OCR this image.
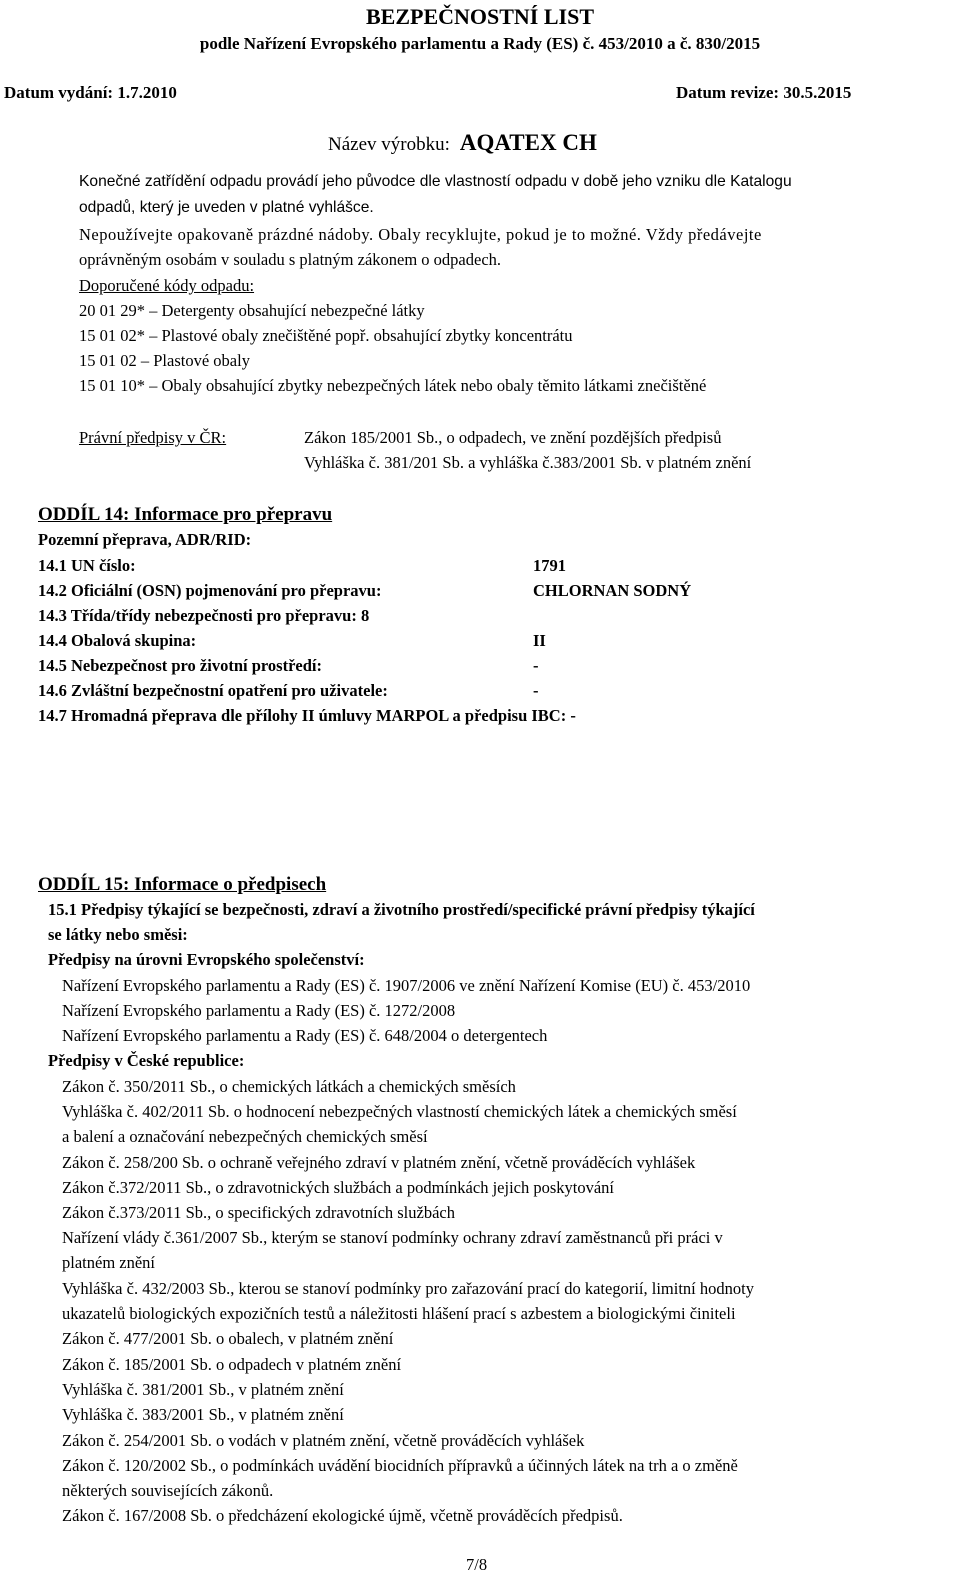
BEZPEČNOSTNÍ LIST
podle Nařízení Evropského parlamentu a Rady (ES) č. 453/2010 a č. 830/2015
Datum vydání: 1.7.2010	Datum revize: 30.5.2015
Název výrobku: AQATEX CH
Konečné zatřídění odpadu provádí jeho původce dle vlastností odpadu v době jeho vzniku dle Katalogu
odpadů, který je uveden v platné vyhlášce.
Nepoužívejte opakovaně prázdné nádoby. Obaly recyklujte, pokud je to možné. Vždy předávejte
oprávněným osobám v souladu s platným zákonem o odpadech.
Doporučené kódy odpadu:
20 01 29* – Detergenty obsahující nebezpečné látky
15 01 02* – Plastové obaly znečištěné popř. obsahující zbytky koncentrátu
15 01 02 – Plastové obaly
15 01 10* – Obaly obsahující zbytky nebezpečných látek nebo obaly těmito látkami znečištěné
Právní předpisy v ČR:	Zákon 185/2001 Sb., o odpadech, ve znění pozdějších předpisů
Vyhláška č. 381/201 Sb. a vyhláška č.383/2001 Sb. v platném znění
ODDÍL 14: Informace pro přepravu
Pozemní přeprava, ADR/RID:
14.1 UN číslo:	1791
14.2 Oficiální (OSN) pojmenování pro přepravu:	CHLORNAN SODNÝ
14.3 Třída/třídy nebezpečnosti pro přepravu: 8
14.4 Obalová skupina:	II
14.5 Nebezpečnost pro životní prostředí:	-
14.6 Zvláštní bezpečnostní opatření pro uživatele:	-
14.7 Hromadná přeprava dle přílohy II úmluvy MARPOL a předpisu IBC: -
ODDÍL 15: Informace o předpisech
15.1 Předpisy týkající se bezpečnosti, zdraví a životního prostředí/specifické právní předpisy týkající
se látky nebo směsi:
Předpisy na úrovni Evropského společenství:
Nařízení Evropského parlamentu a Rady (ES) č. 1907/2006 ve znění Nařízení Komise (EU) č. 453/2010
Nařízení Evropského parlamentu a Rady (ES) č. 1272/2008
Nařízení Evropského parlamentu a Rady (ES) č. 648/2004 o detergentech
Předpisy v České republice:
Zákon č. 350/2011 Sb., o chemických látkách a chemických směsích
Vyhláška č. 402/2011 Sb. o hodnocení nebezpečných vlastností chemických látek a chemických směsí
a balení a označování nebezpečných chemických směsí
Zákon č. 258/200 Sb. o ochraně veřejného zdraví v platném znění, včetně prováděcích vyhlášek
Zákon č.372/2011 Sb., o zdravotnických službách a podmínkách jejich poskytování
Zákon č.373/2011 Sb., o specifických zdravotních službách
Nařízení vlády č.361/2007 Sb., kterým se stanoví podmínky ochrany zdraví zaměstnanců při práci v
platném znění
Vyhláška č. 432/2003 Sb., kterou se stanoví podmínky pro zařazování prací do kategorií, limitní hodnoty
ukazatelů biologických expozičních testů a náležitosti hlášení prací s azbestem a biologickými činiteli
Zákon č. 477/2001 Sb. o obalech, v platném znění
Zákon č. 185/2001 Sb. o odpadech v platném znění
Vyhláška č. 381/2001 Sb., v platném znění
Vyhláška č. 383/2001 Sb., v platném znění
Zákon č. 254/2001 Sb. o vodách v platném znění, včetně prováděcích vyhlášek
Zákon č. 120/2002 Sb., o podmínkách uvádění biocidních přípravků a účinných látek na trh a o změně
některých souvisejících zákonů.
Zákon č. 167/2008 Sb. o předcházení ekologické újmě, včetně prováděcích předpisů.
7/8
